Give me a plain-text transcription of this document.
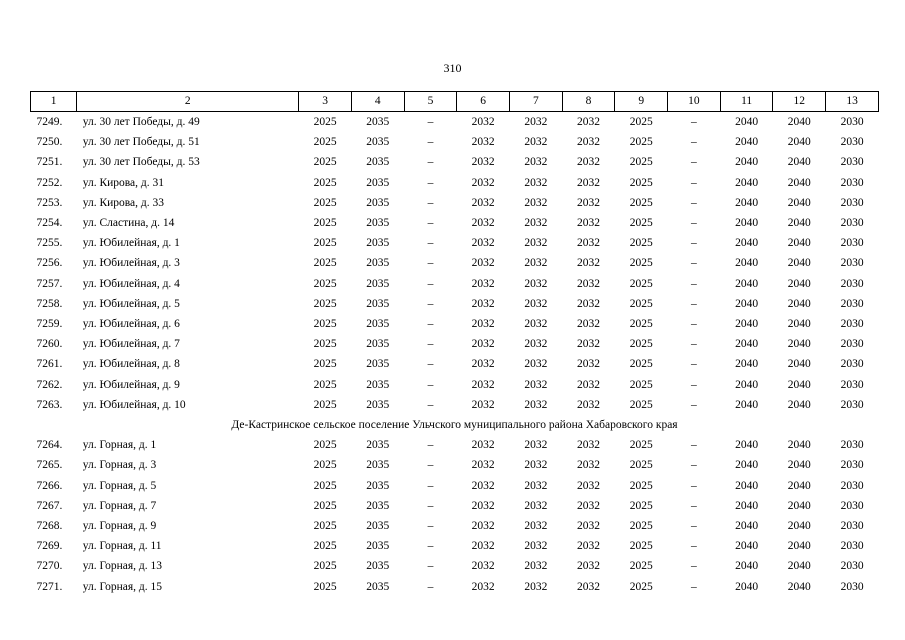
310
1	2	3	4	5	6	7	8	9	10	11	12	13
7249.	ул. 30 лет Победы, д. 49	2025	2035	–	2032	2032	2032	2025	–	2040	2040	2030
7250.	ул. 30 лет Победы, д. 51	2025	2035	–	2032	2032	2032	2025	–	2040	2040	2030
7251.	ул. 30 лет Победы, д. 53	2025	2035	–	2032	2032	2032	2025	–	2040	2040	2030
7252.	ул. Кирова, д. 31	2025	2035	–	2032	2032	2032	2025	–	2040	2040	2030
7253.	ул. Кирова, д. 33	2025	2035	–	2032	2032	2032	2025	–	2040	2040	2030
7254.	ул. Сластина, д. 14	2025	2035	–	2032	2032	2032	2025	–	2040	2040	2030
7255.	ул. Юбилейная, д. 1	2025	2035	–	2032	2032	2032	2025	–	2040	2040	2030
7256.	ул. Юбилейная, д. 3	2025	2035	–	2032	2032	2032	2025	–	2040	2040	2030
7257.	ул. Юбилейная, д. 4	2025	2035	–	2032	2032	2032	2025	–	2040	2040	2030
7258.	ул. Юбилейная, д. 5	2025	2035	–	2032	2032	2032	2025	–	2040	2040	2030
7259.	ул. Юбилейная, д. 6	2025	2035	–	2032	2032	2032	2025	–	2040	2040	2030
7260.	ул. Юбилейная, д. 7	2025	2035	–	2032	2032	2032	2025	–	2040	2040	2030
7261.	ул. Юбилейная, д. 8	2025	2035	–	2032	2032	2032	2025	–	2040	2040	2030
7262.	ул. Юбилейная, д. 9	2025	2035	–	2032	2032	2032	2025	–	2040	2040	2030
7263.	ул. Юбилейная, д. 10	2025	2035	–	2032	2032	2032	2025	–	2040	2040	2030
Де-Кастринское сельское поселение Ульчского муниципального района Хабаровского края												
7264.	ул. Горная, д. 1	2025	2035	–	2032	2032	2032	2025	–	2040	2040	2030
7265.	ул. Горная, д. 3	2025	2035	–	2032	2032	2032	2025	–	2040	2040	2030
7266.	ул. Горная, д. 5	2025	2035	–	2032	2032	2032	2025	–	2040	2040	2030
7267.	ул. Горная, д. 7	2025	2035	–	2032	2032	2032	2025	–	2040	2040	2030
7268.	ул. Горная, д. 9	2025	2035	–	2032	2032	2032	2025	–	2040	2040	2030
7269.	ул. Горная, д. 11	2025	2035	–	2032	2032	2032	2025	–	2040	2040	2030
7270.	ул. Горная, д. 13	2025	2035	–	2032	2032	2032	2025	–	2040	2040	2030
7271.	ул. Горная, д. 15	2025	2035	–	2032	2032	2032	2025	–	2040	2040	2030
